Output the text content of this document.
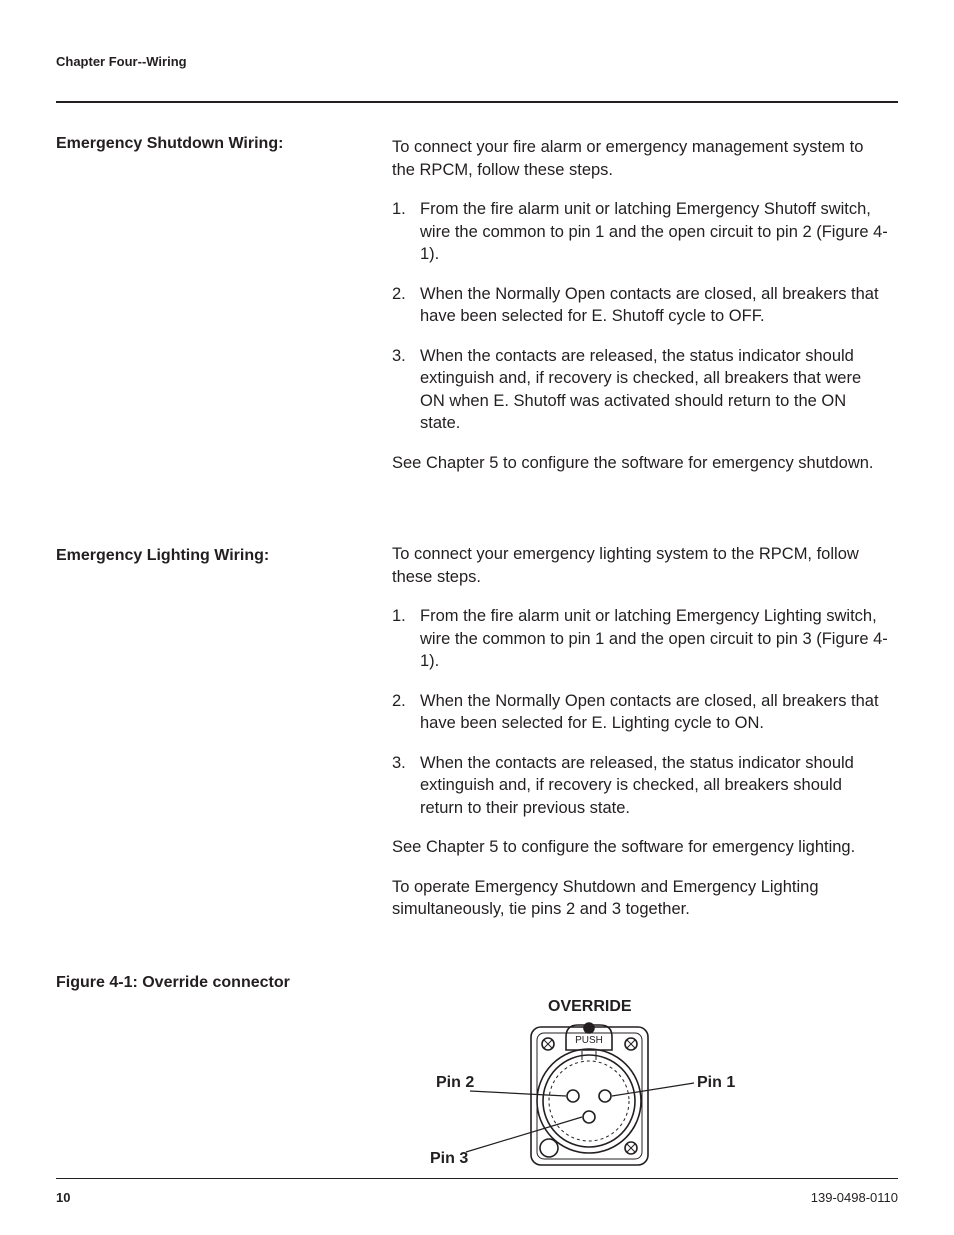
Chapter Four--Wiring
Emergency Shutdown Wiring:	To connect your fire alarm or emergency management system to the RPCM, follow these steps.

1. From the fire alarm unit or latching Emergency Shutoff switch, wire the common to pin 1 and the open circuit to pin 2 (Figure 4-1).
2. When the Normally Open contacts are closed, all breakers that have been selected for E. Shutoff cycle to OFF.
3. When the contacts are released, the status indicator should extinguish and, if recovery is checked, all breakers that were ON when E. Shutoff was activated should return to the ON state.

See Chapter 5 to configure the software for emergency shutdown.

Emergency Lighting Wiring:	To connect your emergency lighting system to the RPCM, follow these steps.

1. From the fire alarm unit or latching Emergency Lighting switch, wire the common to pin 1 and the open circuit to pin 3 (Figure 4-1).
2. When the Normally Open contacts are closed, all breakers that have been selected for E. Lighting cycle to ON.
3. When the contacts are released, the status indicator should extinguish and, if recovery is checked, all breakers should return to their previous state.

See Chapter 5 to configure the software for emergency lighting.

To operate Emergency Shutdown and Emergency Lighting simultaneously, tie pins 2 and 3 together.

Figure 4-1: Override connector
OVERRIDE
Pin 2	Pin 1
Pin 3
PUSH
10	139-0498-0110
